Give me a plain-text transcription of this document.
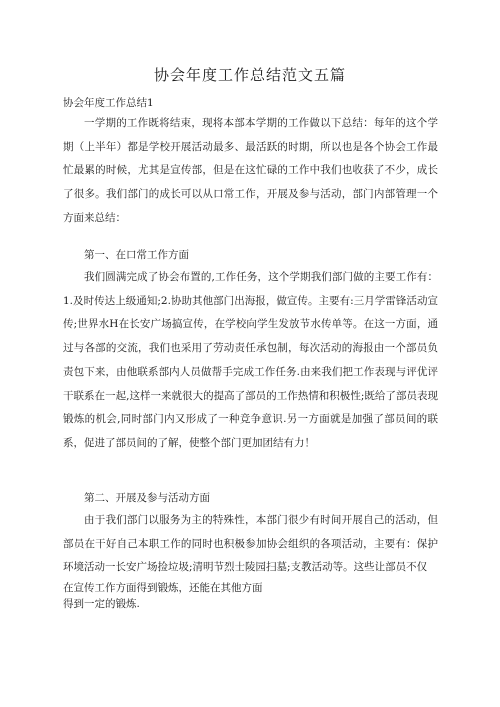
协会年度工作总结范文五篇
协会年度工作总结1

一学期的工作既将结束，现将本部本学期的工作做以下总结：每年的这个学期（上半年）都是学校开展活动最多、最活跃的时期，所以也是各个协会工作最忙最累的时候，尤其是宣传部，但是在这忙碌的工作中我们也收获了不少，成长了很多。我们部门的成长可以从口常工作，开展及参与活动，部门内部管理一个方面来总结：

第一、在口常工作方面

我们圆满完成了协会布置的,工作任务，这个学期我们部门做的主要工作有：1.及时传达上级通知;2.协助其他部门出海报，做宣传。主要有:三月学雷锋活动宣传;世界水H在长安广场搞宣传，在学校向学生发放节水传单等。在这一方面，通过与各部的交流，我们也采用了劳动责任承包制，每次活动的海报由一个部员负责包下来，由他联系部内人员做帮手完成工作任务.由来我们把工作表现与评优评干联系在一起,这样一来就很大的提高了部员的工作热情和积极性;既给了部员表现锻炼的机会,同时部门内又形成了一种竞争意识.另一方面就是加强了部员间的联系，促进了部员间的了解，使整个部门更加团结有力！

第二、开展及参与活动方面

由于我们部门以服务为主的特殊性，本部门很少有时间开展自己的活动，但部员在干好自己本职工作的同时也积极参加协会组织的各项活动，主要有：保护环境活动一长安广场捡垃圾;清明节烈士陵园扫墓;支教活动等。这些让部员不仅

在宣传工作方面得到锻炼，还能在其他方面
得到一定的锻炼.
